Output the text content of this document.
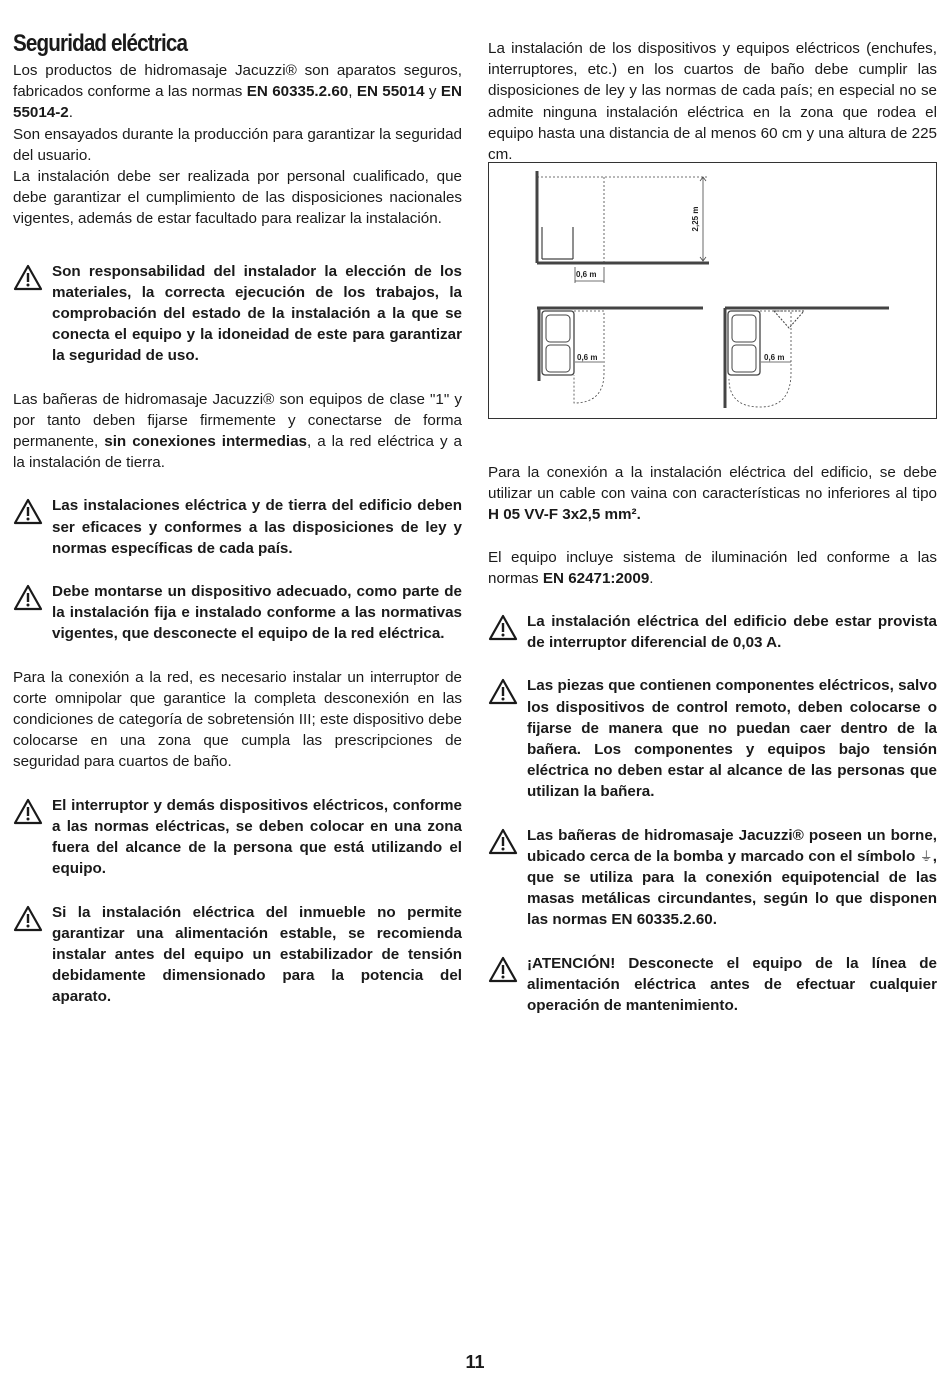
Seguridad eléctrica

Los productos de hidromasaje Jacuzzi® son aparatos seguros, fabricados conforme a las normas EN 60335.2.60, EN 55014 y EN 55014-2.

Son ensayados durante la producción para garantizar la seguridad del usuario.

La instalación debe ser realizada por personal cualificado, que debe garantizar el cumplimiento de las disposiciones nacionales vigentes, además de estar facultado para realizar la instalación.

Son responsabilidad del instalador la elección de los materiales, la correcta ejecución de los trabajos, la comprobación del estado de la instalación a la que se conecta el equipo y la idoneidad de este para garantizar la seguridad de uso.

Las bañeras de hidromasaje Jacuzzi® son equipos de clase "1" y por tanto deben fijarse firmemente y conectarse de forma permanente, sin conexiones intermedias, a la red eléctrica y a la instalación de tierra.

Las instalaciones eléctrica y de tierra del edificio deben ser eficaces y conformes a las disposiciones de ley y normas específicas de cada país.
Debe montarse un dispositivo adecuado, como parte de la instalación fija e instalado conforme a las normativas vigentes, que desconecte el equipo de la red eléctrica.

Para la conexión a la red, es necesario instalar un interruptor de corte omnipolar que garantice la completa desconexión en las condiciones de categoría de sobretensión III; este dispositivo debe colocarse en una zona que cumpla las prescripciones de seguridad para cuartos de baño.

El interruptor y demás dispositivos eléctricos, conforme a las normas eléctricas, se deben colocar en una zona fuera del alcance de la persona que está utilizando el equipo.
Si la instalación eléctrica del inmueble no permite garantizar una alimentación estable, se recomienda instalar antes del equipo un estabilizador de tensión debidamente dimensionado para la potencia del aparato.

La instalación de los dispositivos y equipos eléctricos (enchufes, interruptores, etc.) en los cuartos de baño debe cumplir las disposiciones de ley y las normas de cada país; en especial no se admite ninguna instalación eléctrica en la zona que rodea el equipo hasta una distancia de al menos 60 cm y una altura de 225 cm.

2,25 m
0,6 m
0,6 m	0,6 m

Para la conexión a la instalación eléctrica del edificio, se debe utilizar un cable con vaina con características no inferiores al tipo H 05 VV-F 3x2,5 mm².

El equipo incluye sistema de iluminación led conforme a las normas EN 62471:2009.

La instalación eléctrica del edificio debe estar provista de interruptor diferencial de 0,03 A.
Las piezas que contienen componentes eléctricos, salvo los dispositivos de control remoto, deben colocarse o fijarse de manera que no puedan caer dentro de la bañera. Los componentes y equipos bajo tensión eléctrica no deben estar al alcance de las personas que utilizan la bañera.
Las bañeras de hidromasaje Jacuzzi® poseen un borne, ubicado cerca de la bomba y marcado con el símbolo ⏚, que se utiliza para la conexión equipotencial de las masas metálicas circundantes, según lo que disponen las normas EN 60335.2.60.
¡ATENCIÓN! Desconecte el equipo de la línea de alimentación eléctrica antes de efectuar cualquier operación de mantenimiento.
11
